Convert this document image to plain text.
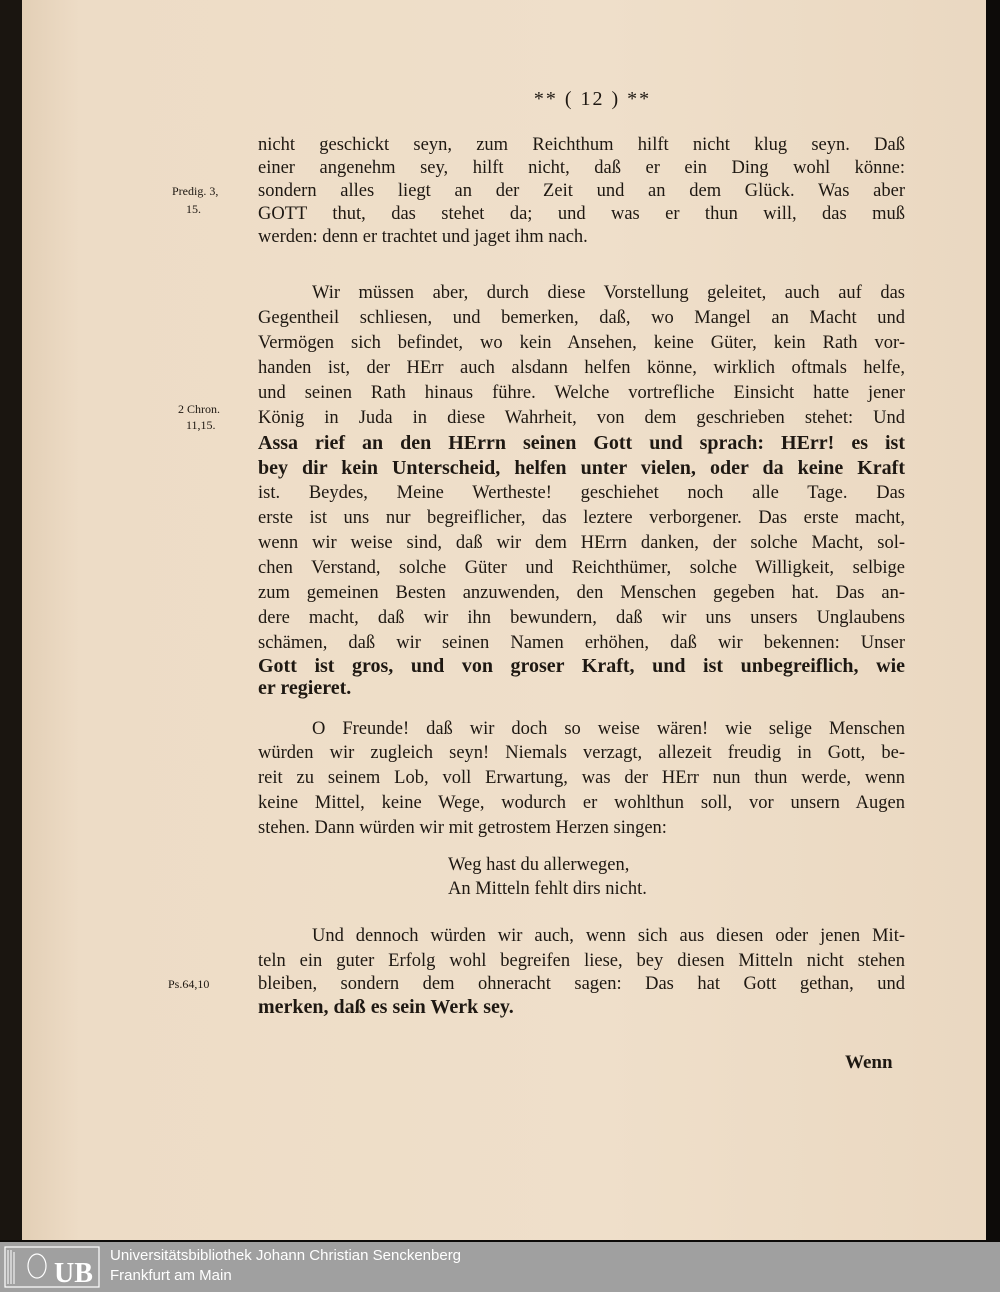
** ( 12 ) **
nicht geschickt seyn, zum Reichthum hilft nicht klug seyn. Daß
einer angenehm sey, hilft nicht, daß er ein Ding wohl könne:
sondern alles liegt an der Zeit und an dem Glück. Was aber
GOTT thut, das stehet da; und was er thun will, das muß
werden: denn er trachtet und jaget ihm nach.
Wir müssen aber, durch diese Vorstellung geleitet, auch auf das
Gegentheil schliesen, und bemerken, daß, wo Mangel an Macht und
Vermögen sich befindet, wo kein Ansehen, keine Güter, kein Rath vor-
handen ist, der HErr auch alsdann helfen könne, wirklich oftmals helfe,
und seinen Rath hinaus führe. Welche vortrefliche Einsicht hatte jener
König in Juda in diese Wahrheit, von dem geschrieben stehet: Und
Assa rief an den HErrn seinen Gott und sprach: HErr! es ist
bey dir kein Unterscheid, helfen unter vielen, oder da keine Kraft
ist. Beydes, Meine Wertheste! geschiehet noch alle Tage. Das
erste ist uns nur begreiflicher, das leztere verborgener. Das erste macht,
wenn wir weise sind, daß wir dem HErrn danken, der solche Macht, sol-
chen Verstand, solche Güter und Reichthümer, solche Willigkeit, selbige
zum gemeinen Besten anzuwenden, den Menschen gegeben hat. Das an-
dere macht, daß wir ihn bewundern, daß wir uns unsers Unglaubens
schämen, daß wir seinen Namen erhöhen, daß wir bekennen: Unser
Gott ist gros, und von groser Kraft, und ist unbegreiflich, wie
er regieret.
O Freunde! daß wir doch so weise wären! wie selige Menschen
würden wir zugleich seyn! Niemals verzagt, allezeit freudig in Gott, be-
reit zu seinem Lob, voll Erwartung, was der HErr nun thun werde, wenn
keine Mittel, keine Wege, wodurch er wohlthun soll, vor unsern Augen
stehen. Dann würden wir mit getrostem Herzen singen:
Weg hast du allerwegen,
An Mitteln fehlt dirs nicht.
Und dennoch würden wir auch, wenn sich aus diesen oder jenen Mit-
teln ein guter Erfolg wohl begreifen liese, bey diesen Mitteln nicht stehen
bleiben, sondern dem ohneracht sagen: Das hat Gott gethan, und
merken, daß es sein Werk sey.
Predig. 3,
15.
2 Chron.
11,15.
Ps.64,10
Wenn
UB
Universitätsbibliothek Johann Christian Senckenberg
Frankfurt am Main
